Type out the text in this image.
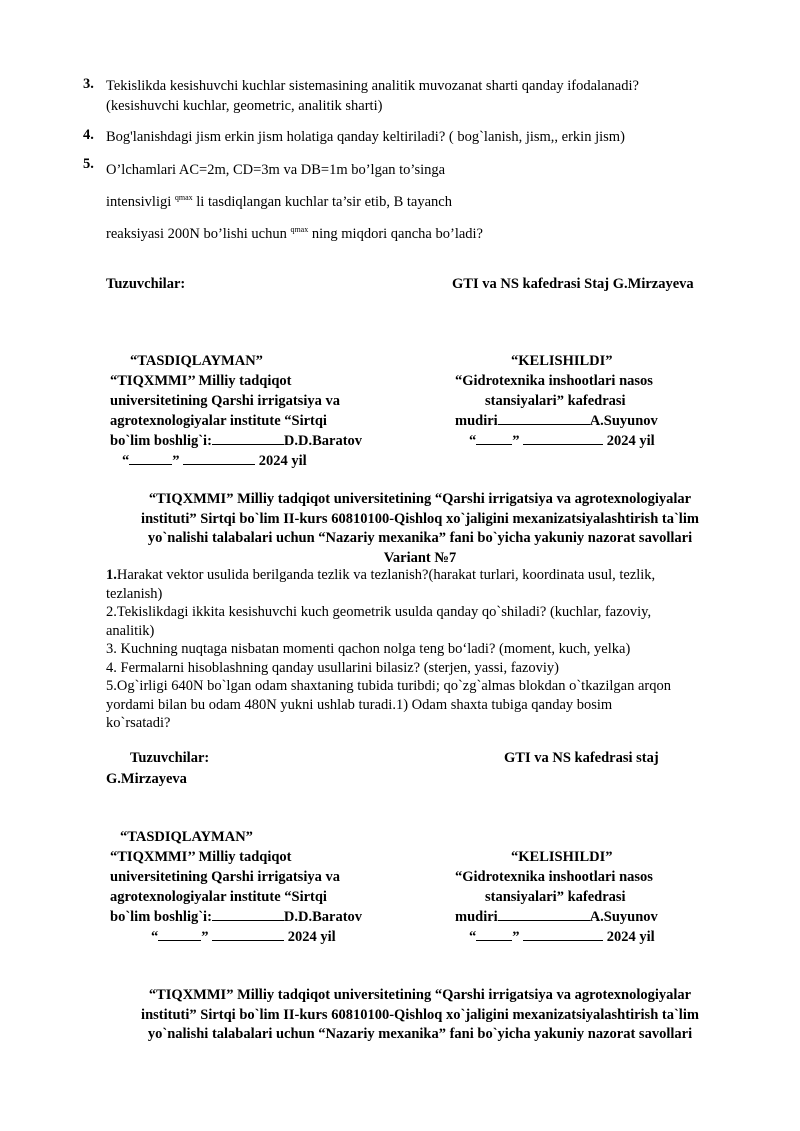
3. Tekislikda kesishuvchi kuchlar sistemasining analitik muvozanat sharti qanday ifodalanadi?
(kesishuvchi kuchlar, geometric, analitik sharti)
4. Bog'lanishdagi jism erkin jism holatiga qanday keltiriladi? ( bog`lanish, jism,, erkin jism)
5. O’lchamlari AC=2m, CD=3m va DB=1m bo’lgan to’singa
intensivligi $^{qmax}$ li tasdiqlangan kuchlar ta’sir etib, B tayanch
reaksiyasi 200N bo’lishi uchun $^{qmax}$ ning miqdori qancha bo’ladi?
Tuzuvchilar:	GTI va NS kafedrasi Staj G.Mirzayeva
“TASDIQLAYMAN”
“TIQXMMI’’ Milliy tadqiqot
universitetining Qarshi irrigatsiya va
agrotexnologiyalar institute “Sirtqi
bo`lim boshlig`i:	D.D.Baratov
“	”	2024 yil
“KELISHILDI”
“Gidrotexnika inshootlari nasos
stansiyalari” kafedrasi
mudiri	A.Suyunov
“ ”	2024 yil
“TIQXMMI” Milliy tadqiqot universitetining “Qarshi irrigatsiya va agrotexnologiyalar
instituti” Sirtqi bo`lim II-kurs 60810100-Qishloq xo`jaligini mexanizatsiyalashtirish ta`lim
yo`nalishi talabalari uchun “Nazariy mexanika” fani bo`yicha yakuniy nazorat savollari
Variant №7
1.Harakat vektor usulida berilganda tezlik va tezlanish?(harakat turlari, koordinata usul, tezlik,
tezlanish)
2.Tekislikdagi ikkita kesishuvchi kuch geometrik usulda qanday qo`shiladi? (kuchlar, fazoviy,
analitik)
3. Kuchning nuqtaga nisbatan momenti qachon nolga teng bo‘ladi? (moment, kuch, yelka)
4. Fermalarni hisoblashning qanday usullarini bilasiz? (sterjen, yassi, fazoviy)
5.Og`irligi 640N bo`lgan odam shaxtaning tubida turibdi; qo`zg`almas blokdan o`tkazilgan arqon
yordami bilan bu odam 480N yukni ushlab turadi.1) Odam shaxta tubiga qanday bosim
ko`rsatadi?
Tuzuvchilar:	GTI va NS kafedrasi staj
G.Mirzayeva
“TASDIQLAYMAN”
“TIQXMMI’’ Milliy tadqiqot
universitetining Qarshi irrigatsiya va
agrotexnologiyalar institute “Sirtqi
bo`lim boshlig`i:	D.D.Baratov
“	”	2024 yil
“KELISHILDI”
“Gidrotexnika inshootlari nasos
stansiyalari” kafedrasi
mudiri	A.Suyunov
“ ”	2024 yil
“TIQXMMI” Milliy tadqiqot universitetining “Qarshi irrigatsiya va agrotexnologiyalar
instituti” Sirtqi bo`lim II-kurs 60810100-Qishloq xo`jaligini mexanizatsiyalashtirish ta`lim
yo`nalishi talabalari uchun “Nazariy mexanika” fani bo`yicha yakuniy nazorat savollari
